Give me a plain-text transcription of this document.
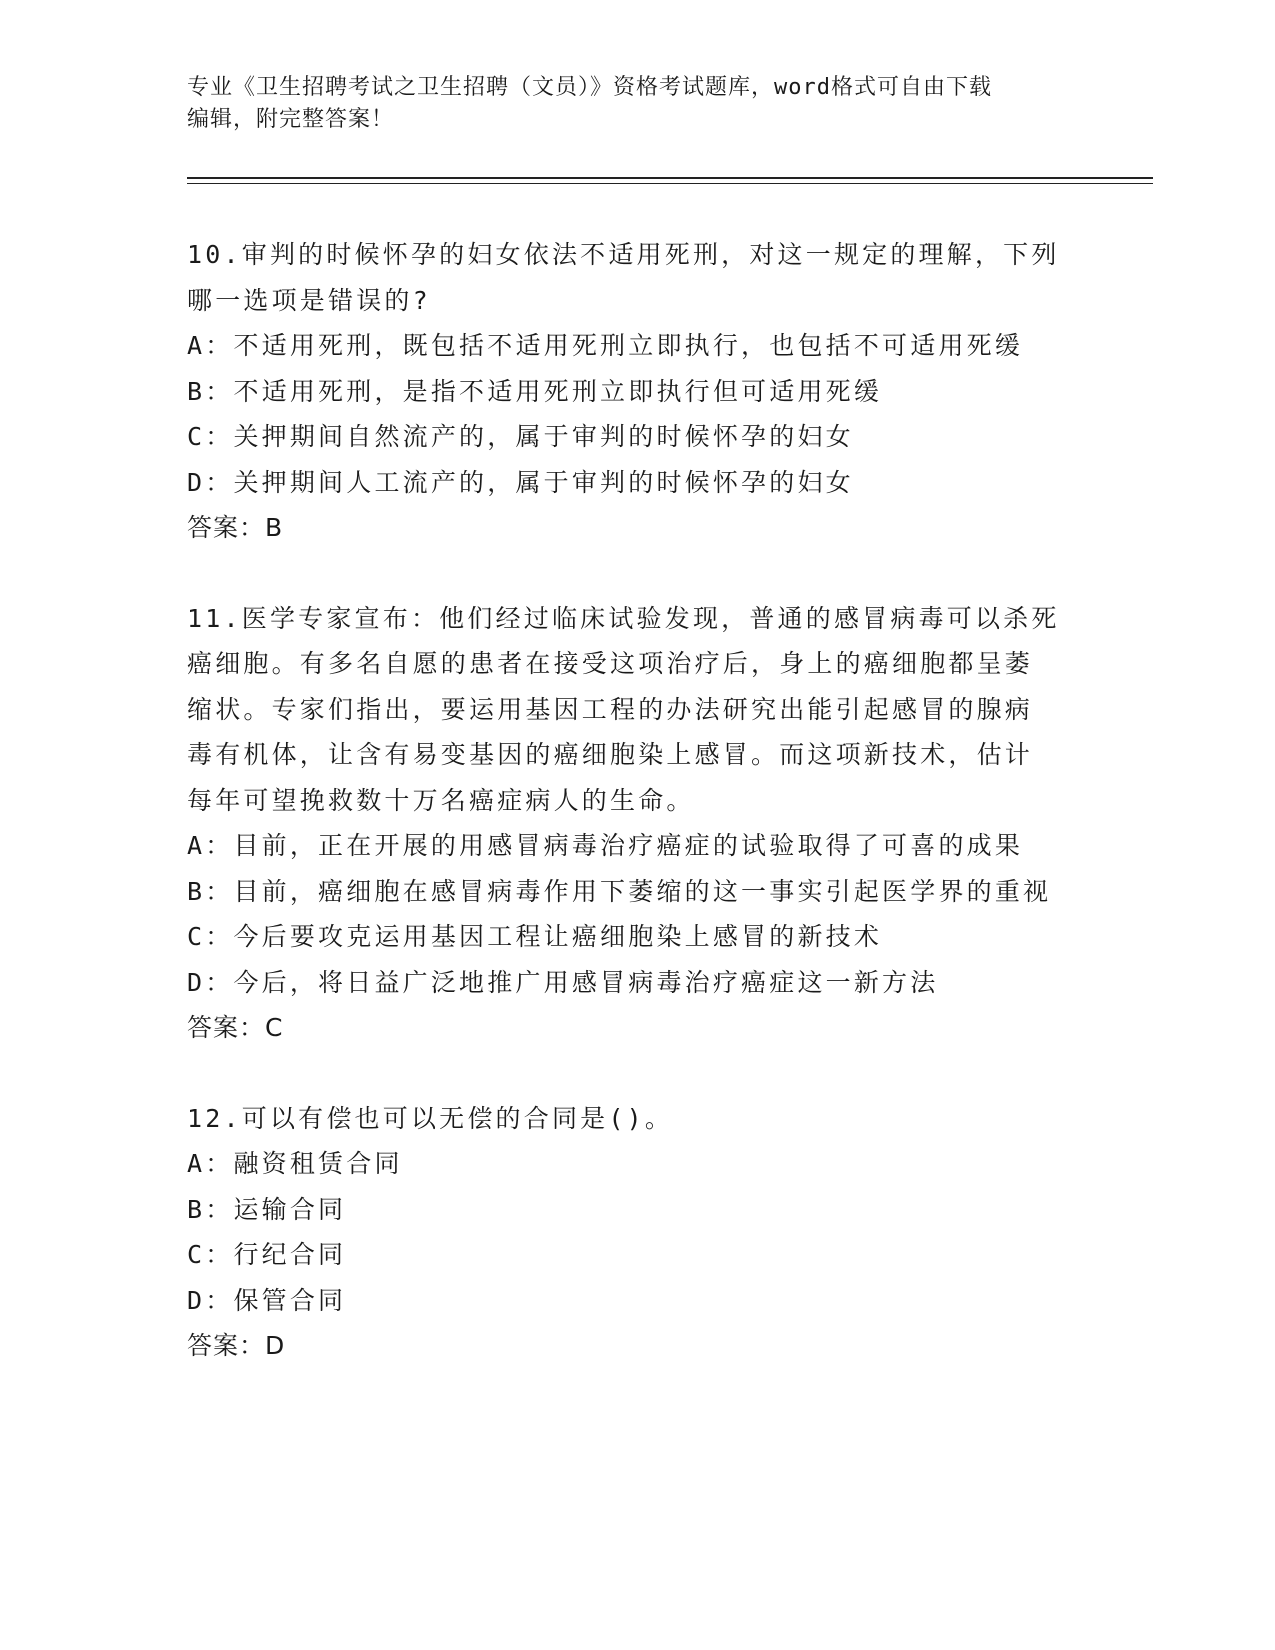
专业《卫生招聘考试之卫生招聘（文员）》资格考试题库，word格式可自由下载
编辑，附完整答案！

10.审判的时候怀孕的妇女依法不适用死刑，对这一规定的理解，下列

哪一选项是错误的?

A：不适用死刑，既包括不适用死刑立即执行，也包括不可适用死缓

B：不适用死刑，是指不适用死刑立即执行但可适用死缓

C：关押期间自然流产的，属于审判的时候怀孕的妇女

D：关押期间人工流产的，属于审判的时候怀孕的妇女

答案：B

11.医学专家宣布：他们经过临床试验发现，普通的感冒病毒可以杀死

癌细胞。有多名自愿的患者在接受这项治疗后，身上的癌细胞都呈萎

缩状。专家们指出，要运用基因工程的办法研究出能引起感冒的腺病

毒有机体，让含有易变基因的癌细胞染上感冒。而这项新技术，估计

每年可望挽救数十万名癌症病人的生命。

A：目前，正在开展的用感冒病毒治疗癌症的试验取得了可喜的成果

B：目前，癌细胞在感冒病毒作用下萎缩的这一事实引起医学界的重视

C：今后要攻克运用基因工程让癌细胞染上感冒的新技术

D：今后，将日益广泛地推广用感冒病毒治疗癌症这一新方法

答案：C

12.可以有偿也可以无偿的合同是()。

A：融资租赁合同

B：运输合同

C：行纪合同

D：保管合同

答案：D
